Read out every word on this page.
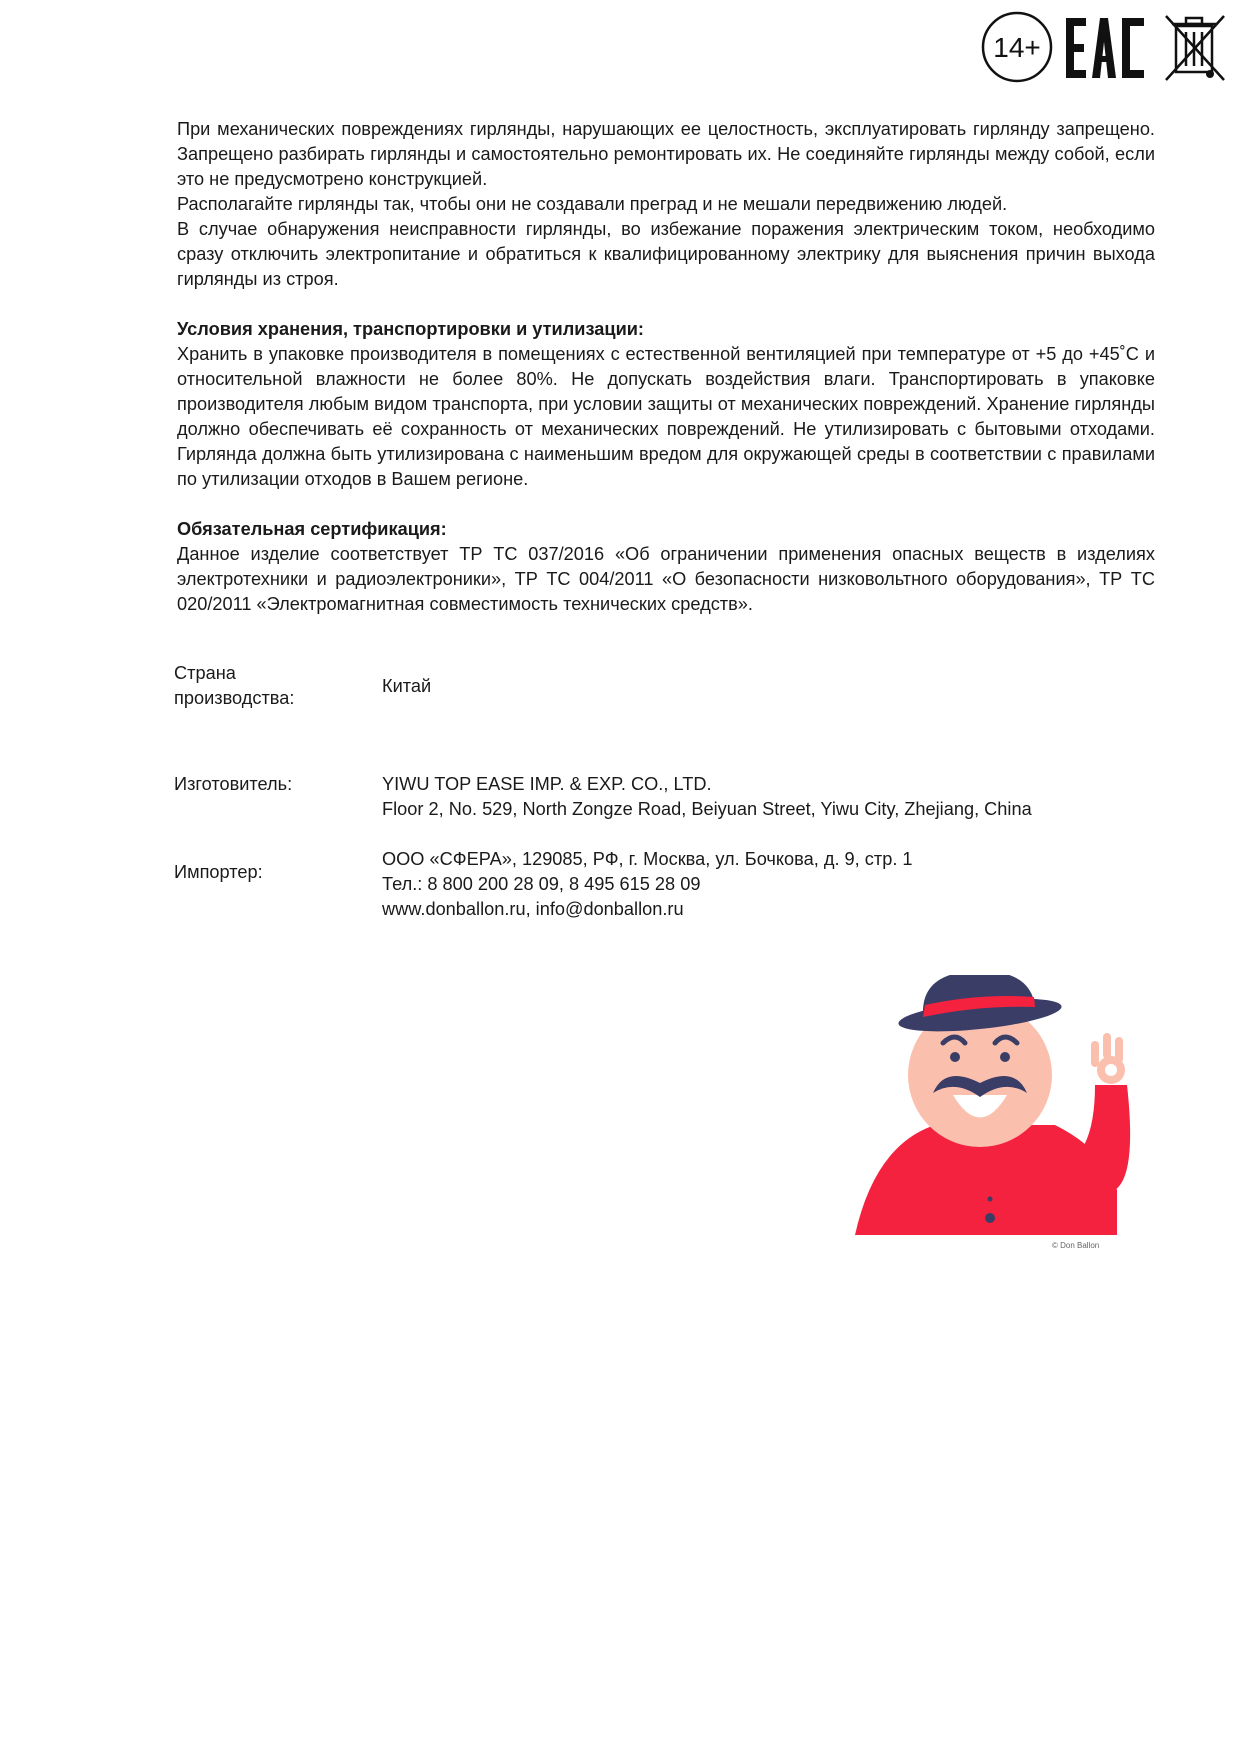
14+

При механических повреждениях гирлянды, нарушающих ее целостность, эксплуатировать гирлянду запрещено. Запрещено разбирать гирлянды и самостоятельно ремонтировать их. Не соединяйте гирлянды между собой, если это не предусмотрено конструкцией.

Располагайте гирлянды так, чтобы они не создавали преград и не мешали передвижению людей.

В случае обнаружения неисправности гирлянды, во избежание поражения электрическим током, необходимо сразу отключить электропитание и обратиться к квалифицированному электрику для выяснения причин выхода гирлянды из строя.

Условия хранения, транспортировки и утилизации:

Хранить в упаковке производителя в помещениях с естественной вентиляцией при температуре от +5 до +45˚С и относительной влажности не более 80%. Не допускать воздействия влаги. Транспортировать в упаковке производителя любым видом транспорта, при условии защиты от механических повреждений. Хранение гирлянды должно обеспечивать её сохранность от механических повреждений. Не утилизировать с бытовыми отходами. Гирлянда должна быть утилизирована с наименьшим вредом для окружающей среды в соответствии с правилами по утилизации отходов в Вашем регионе.

Обязательная сертификация:

Данное изделие соответствует ТР ТС 037/2016 «Об ограничении применения опасных веществ в изделиях электротехники и радиоэлектроники», ТР ТС 004/2011 «О безопасности низковольтного оборудования», ТР ТС 020/2011 «Электромагнитная совместимость технических средств».

Страна
производства:
Китай
Изготовитель:	YIWU TOP EASE IMP. & EXP. CO., LTD.
Floor 2, No. 529, North Zongze Road, Beiyuan Street, Yiwu City, Zhejiang, China
Импортер:
ООО «СФЕРА», 129085, РФ, г. Москва, ул. Бочкова, д. 9, стр. 1
Тел.: 8 800 200 28 09, 8 495 615 28 09
www.donballon.ru, info@donballon.ru
© Don Ballon
